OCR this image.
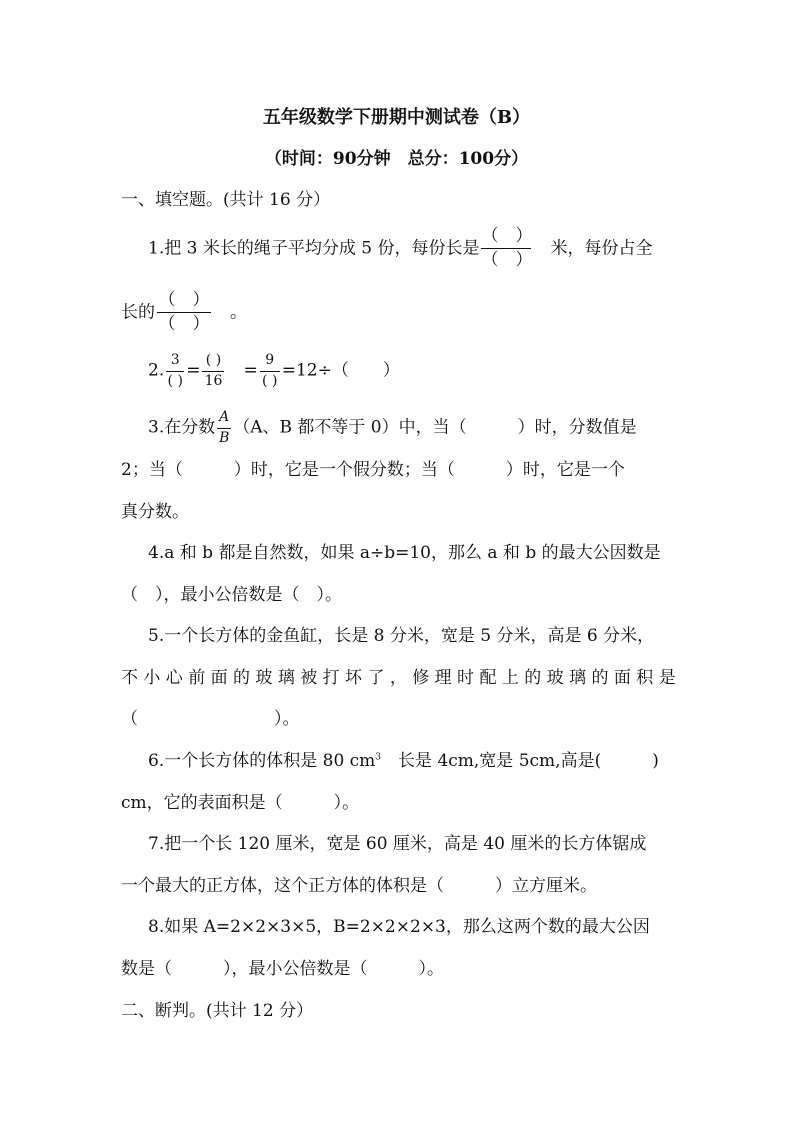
五年级数学下册期中测试卷（B）
（时间：90分钟　总分：100分）
一、填空题。(共计 16 分）
1.把 3 米长的绳子平均分成 5 份，每份长是 $\frac{( )}{( )}$
　 米，每份占全
长的 $\frac{( )}{( )}$
　 。
2. $\frac{3}{( )} = \frac{( )}{16}$
　 = $\frac{9}{( )} =12\div$（　　）
3.在分数 $\frac{A}{B} (A$、B 都不等于 0）中，当（　　　）时，分数值是
2；当（　　　）时，它是一个假分数；当（　　　）时，它是一个
真分数。
4.a 和 b 都是自然数，如果 a÷b=10，那么 a 和 b 的最大公因数是
（　），最小公倍数是（　）。
5.一个长方体的金鱼缸，长是 8 分米，宽是 5 分米，高是 6 分米，
不 小 心 前 面 的 玻 璃 被 打 坏 了 ， 修 理 时 配 上 的 玻 璃 的 面 积 是
（　　　　　　　　）。
6.一个长方体的体积是 80 $cm^3$　长是 4cm,宽是 5cm,高是(　　　)
cm，它的表面积是（　　　）。
7.把一个长 120 厘米，宽是 60 厘米，高是 40 厘米的长方体锯成
一个最大的正方体，这个正方体的体积是（　　　）立方厘米。
8.如果 A=2×2×3×5，B=2×2×2×3，那么这两个数的最大公因
数是（　　　），最小公倍数是（　　　）。
二、断判。(共计 12 分）
